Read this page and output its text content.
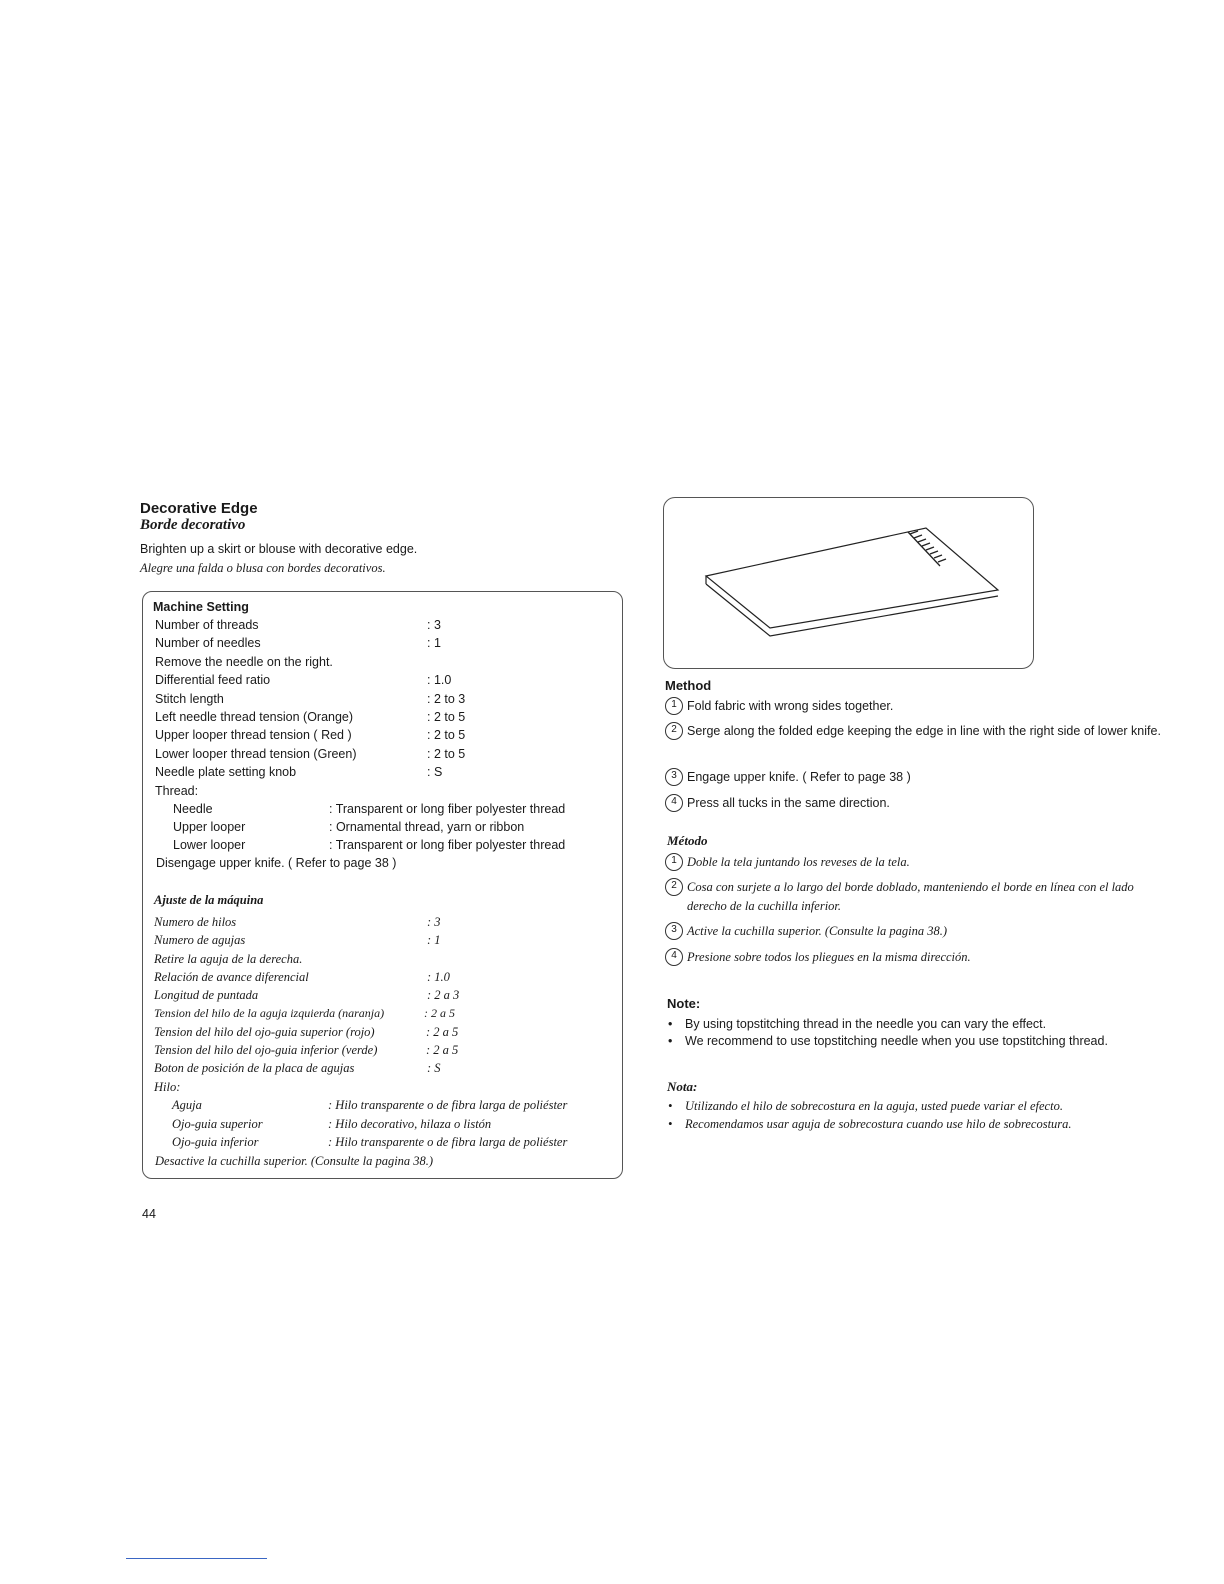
Decorative Edge
Borde decorativo
Brighten up a skirt or blouse with decorative edge.
Alegre una falda o blusa con bordes decorativos.
Machine Setting
Number of threads	: 3
Number of needles	: 1
Remove the needle on the right.
Differential feed ratio	: 1.0
Stitch length	: 2 to 3
Left needle thread tension (Orange)	: 2 to 5
Upper looper thread tension ( Red )	: 2 to 5
Lower looper thread tension (Green)	: 2 to 5
Needle plate setting knob	: S
Thread:
Needle	: Transparent or long fiber polyester thread
Upper looper	: Ornamental thread, yarn or ribbon
Lower looper	: Transparent or long fiber polyester thread
Disengage upper knife. ( Refer to page 38 )
Ajuste de la máquina
Numero de hilos	: 3
Numero de agujas	: 1
Retire la aguja de la derecha.
Relación de avance diferencial	: 1.0
Longitud de puntada	: 2 a 3
Tension del hilo de la aguja izquierda (naranja)	: 2 a 5
Tension del hilo del ojo-guia superior (rojo)	: 2 a 5
Tension del hilo del ojo-guia inferior (verde)	: 2 a 5
Boton de posición de la placa de agujas	: S
Hilo:
Aguja	: Hilo transparente o de fibra larga de poliéster
Ojo-guia superior	: Hilo decorativo, hilaza o listón
Ojo-guia inferior	: Hilo transparente o de fibra larga de poliéster
Desactive la cuchilla superior. (Consulte la pagina 38.)
Method
1 Fold fabric with wrong sides together.
2 Serge along the folded edge keeping the edge in line with the right side of lower knife.
3 Engage upper knife. ( Refer to page 38 )
4 Press all tucks in the same direction.
Método
1 Doble la tela juntando los reveses de la tela.
2 Cosa con surjete a lo largo del borde doblado, manteniendo el borde en línea con el lado derecho de la cuchilla inferior.
3 Active la cuchilla superior. (Consulte la pagina 38.)
4 Presione sobre todos los pliegues en la misma dirección.
Note:
• By using topstitching thread in the needle you can vary the effect.
• We recommend to use topstitching needle when you use topstitching thread.
Nota:
• Utilizando el hilo de sobrecostura en la aguja, usted puede variar el efecto.
• Recomendamos usar aguja de sobrecostura cuando use hilo de sobrecostura.
44
